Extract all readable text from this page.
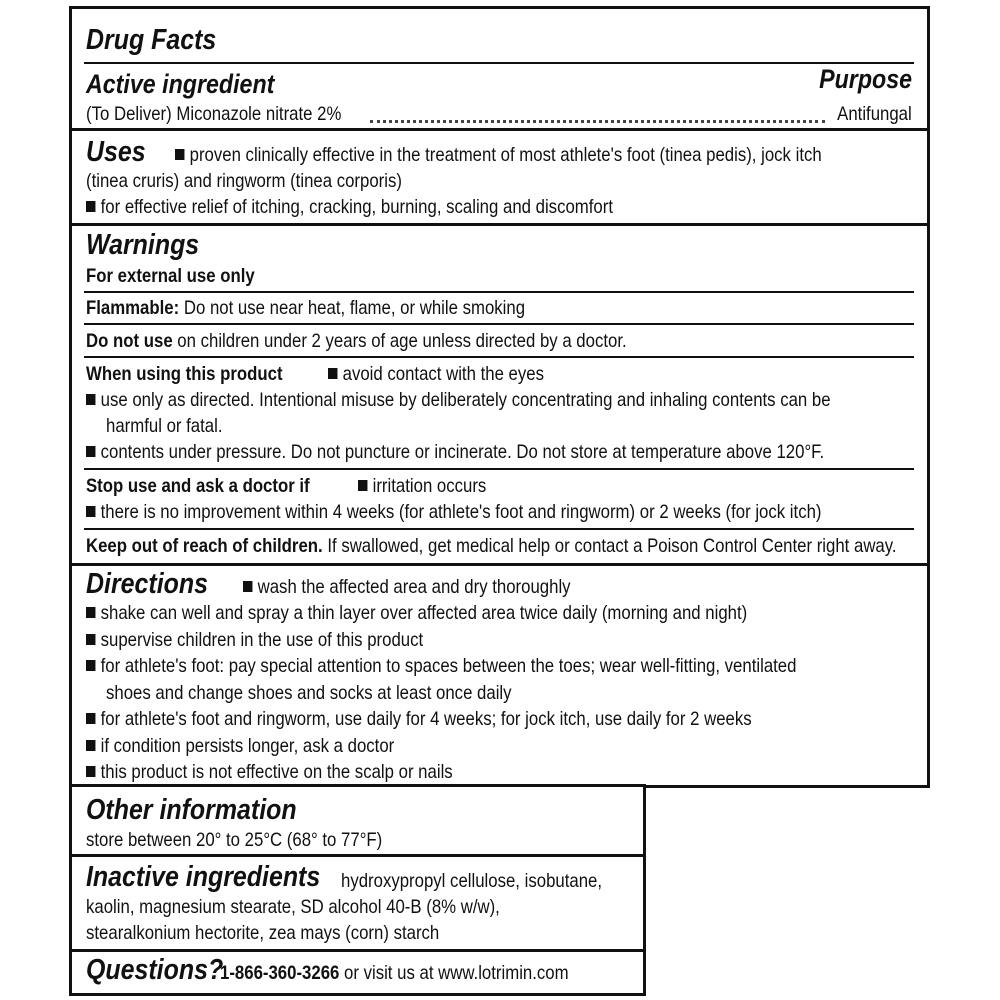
Drug Facts
Active ingredient	Purpose
(To Deliver) Miconazole nitrate 2%	Antifungal
Uses	proven clinically effective in the treatment of most athlete's foot (tinea pedis), jock itch
(tinea cruris) and ringworm (tinea corporis)
for effective relief of itching, cracking, burning, scaling and discomfort
Warnings
For external use only
Flammable: Do not use near heat, flame, or while smoking
Do not use on children under 2 years of age unless directed by a doctor.
When using this product	avoid contact with the eyes
use only as directed. Intentional misuse by deliberately concentrating and inhaling contents can be
harmful or fatal.
contents under pressure. Do not puncture or incinerate. Do not store at temperature above 120°F.
Stop use and ask a doctor if	irritation occurs
there is no improvement within 4 weeks (for athlete's foot and ringworm) or 2 weeks (for jock itch)
Keep out of reach of children. If swallowed, get medical help or contact a Poison Control Center right away.
Directions	wash the affected area and dry thoroughly
shake can well and spray a thin layer over affected area twice daily (morning and night)
supervise children in the use of this product
for athlete's foot: pay special attention to spaces between the toes; wear well-fitting, ventilated
shoes and change shoes and socks at least once daily
for athlete's foot and ringworm, use daily for 4 weeks; for jock itch, use daily for 2 weeks
if condition persists longer, ask a doctor
this product is not effective on the scalp or nails
Other information
store between 20° to 25°C (68° to 77°F)
Inactive ingredients hydroxypropyl cellulose, isobutane,
kaolin, magnesium stearate, SD alcohol 40-B (8% w/w),
stearalkonium hectorite, zea mays (corn) starch
Questions?
1-866-360-3266 or visit us at www.lotrimin.com
